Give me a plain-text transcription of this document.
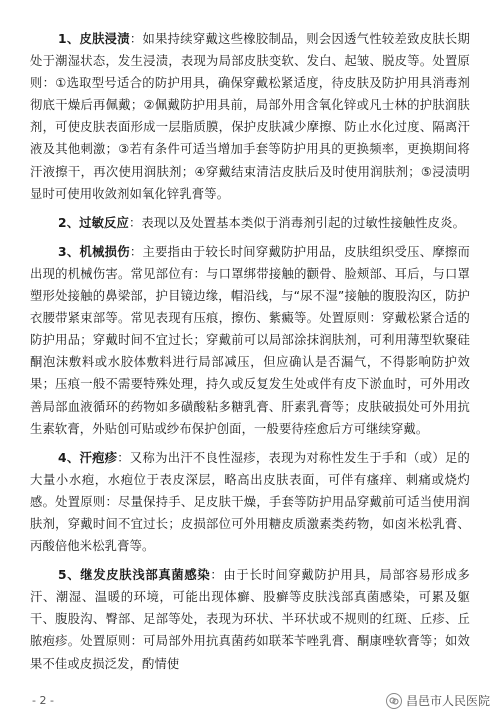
1、皮肤浸渍：如果持续穿戴这些橡胶制品，则会因透气性较差致皮肤长期处于潮湿状态，发生浸渍，表现为局部皮肤变软、发白、起皱、脱皮等。处置原则：①选取型号适合的防护用具，确保穿戴松紧适度，待皮肤及防护用具消毒剂彻底干燥后再佩戴；②佩戴防护用具前，局部外用含氧化锌或凡士林的护肤润肤剂，可使皮肤表面形成一层脂质膜，保护皮肤减少摩擦、防止水化过度、隔离汗液及其他刺激；③若有条件可适当增加手套等防护用具的更换频率，更换期间将汗液擦干，再次使用润肤剂；④穿戴结束清洁皮肤后及时使用润肤剂；⑤浸渍明显时可使用收敛剂如氧化锌乳膏等。

2、过敏反应：表现以及处置基本类似于消毒剂引起的过敏性接触性皮炎。

3、机械损伤：主要指由于较长时间穿戴防护用品，皮肤组织受压、摩擦而出现的机械伤害。常见部位有：与口罩绑带接触的颧骨、脸颊部、耳后，与口罩塑形处接触的鼻梁部，护目镜边缘，帽沿线，与“尿不湿”接触的腹股沟区，防护衣腰带紧束部等。常见表现有压痕，擦伤、紫癜等。处置原则：穿戴松紧合适的防护用品；穿戴时间不宜过长；穿戴前可以局部涂抹润肤剂，可利用薄型软聚硅酮泡沫敷料或水胶体敷料进行局部减压，但应确认是否漏气，不得影响防护效果；压痕一般不需要特殊处理，持久或反复发生处或伴有皮下淤血时，可外用改善局部血液循环的药物如多磺酸粘多糖乳膏、肝素乳膏等；皮肤破损处可外用抗生素软膏，外贴创可贴或纱布保护创面，一般要待痊愈后方可继续穿戴。

4、汗疱疹：又称为出汗不良性湿疹，表现为对称性发生于手和（或）足的大量小水疱，水疱位于表皮深层，略高出皮肤表面，可伴有瘙痒、刺痛或烧灼感。处置原则：尽量保持手、足皮肤干燥，手套等防护用品穿戴前可适当使用润肤剂，穿戴时间不宜过长；皮损部位可外用糖皮质激素类药物，如卤米松乳膏、丙酸倍他米松乳膏等。

5、继发皮肤浅部真菌感染：由于长时间穿戴防护用具，局部容易形成多汗、潮湿、温暖的环境，可能出现体癣、股癣等皮肤浅部真菌感染，可累及躯干、腹股沟、臀部、足部等处，表现为环状、半环状或不规则的红斑、丘疹、丘脓疱疹。处置原则：可局部外用抗真菌药如联苯苄唑乳膏、酮康唑软膏等；如效果不佳或皮损泛发，酌情使

- 2 -	昌邑市人民医院
